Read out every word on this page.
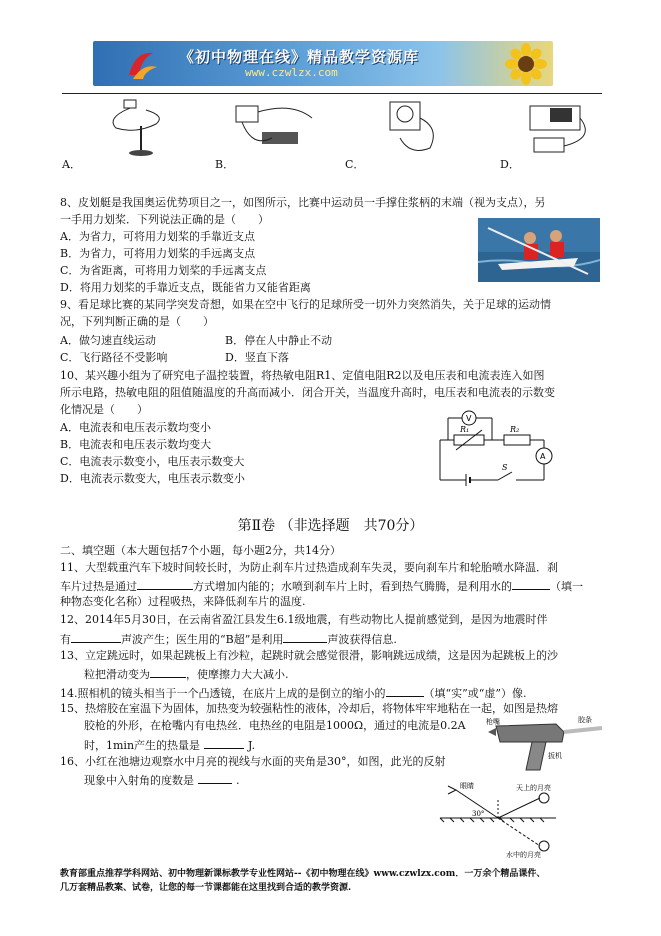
《初中物理在线》精品教学资源库
www.czwlzx.com
A．	B．	C．	D．
8、皮划艇是我国奥运优势项目之一，如图所示，比赛中运动员一手撑住浆柄的末端（视为支点），另
一手用力划桨．下列说法正确的是（　　）
A．为省力，可将用力划桨的手靠近支点
B．为省力，可将用力划桨的手远离支点
C．为省距离，可将用力划桨的手远离支点
D．将用力划桨的手靠近支点，既能省力又能省距离
9、看足球比赛的某同学突发奇想，如果在空中飞行的足球所受一切外力突然消失，关于足球的运动情
况，下列判断正确的是（　　）
A．做匀速直线运动	B．停在人中静止不动
C．飞行路径不受影响	D．竖直下落
10、某兴趣小组为了研究电子温控装置，将热敏电阻R1、定值电阻R2以及电压表和电流表连入如图
所示电路，热敏电阻的阻值随温度的升高而减小．闭合开关，当温度升高时，电压表和电流表的示数变
化情况是（　　）
A．电流表和电压表示数均变小
B．电流表和电压表示数均变大
C．电流表示数变小，电压表示数变大
D．电流表示数变大，电压表示数变小
V
A
R₁	R₂
S
第Ⅱ卷 （非选择题　共70分）
二、填空题（本大题包括7个小题，每小题2分，共14分）
11、大型载重汽车下坡时间较长时，为防止刹车片过热造成刹车失灵，要向刹车片和轮胎喷水降温．刹
车片过热是通过	方式增加内能的；水喷到刹车片上时，看到热气腾腾，是利用水的	（填一
种物态变化名称）过程吸热，来降低刹车片的温度.
12、2014年5月30日，在云南省盈江县发生6.1级地震，有些动物比人提前感觉到，是因为地震时伴
有	声波产生；医生用的“B超”是利用	声波获得信息.
13、立定跳远时，如果起跳板上有沙粒，起跳时就会感觉很滑，影响跳远成绩，这是因为起跳板上的沙
粒把滑动变为	，使摩擦力大大减小.
14.照相机的镜头相当于一个凸透镜，在底片上成的是倒立的缩小的	（填“实”或“虚”）像.
15、热熔胶在室温下为固体，加热变为较强粘性的液体，冷却后，将物体牢牢地粘在一起，如图是热熔
胶枪的外形，在枪嘴内有电热丝．电热丝的电阻是1000Ω，通过的电流是0.2A
时，1min产生的热量是	J.
枪嘴	胶条
扳机
16、小红在池塘边观察水中月亮的视线与水面的夹角是30°，如图，此光的反射
现象中入射角的度数是	.	眼睛	天上的月亮
30°
水中的月亮
教育部重点推荐学科网站、初中物理新课标教学专业性网站--《初中物理在线》www.czwlzx.com．一万余个精品课件、
几万套精品教案、试卷，让您的每一节课都能在这里找到合适的教学资源.
